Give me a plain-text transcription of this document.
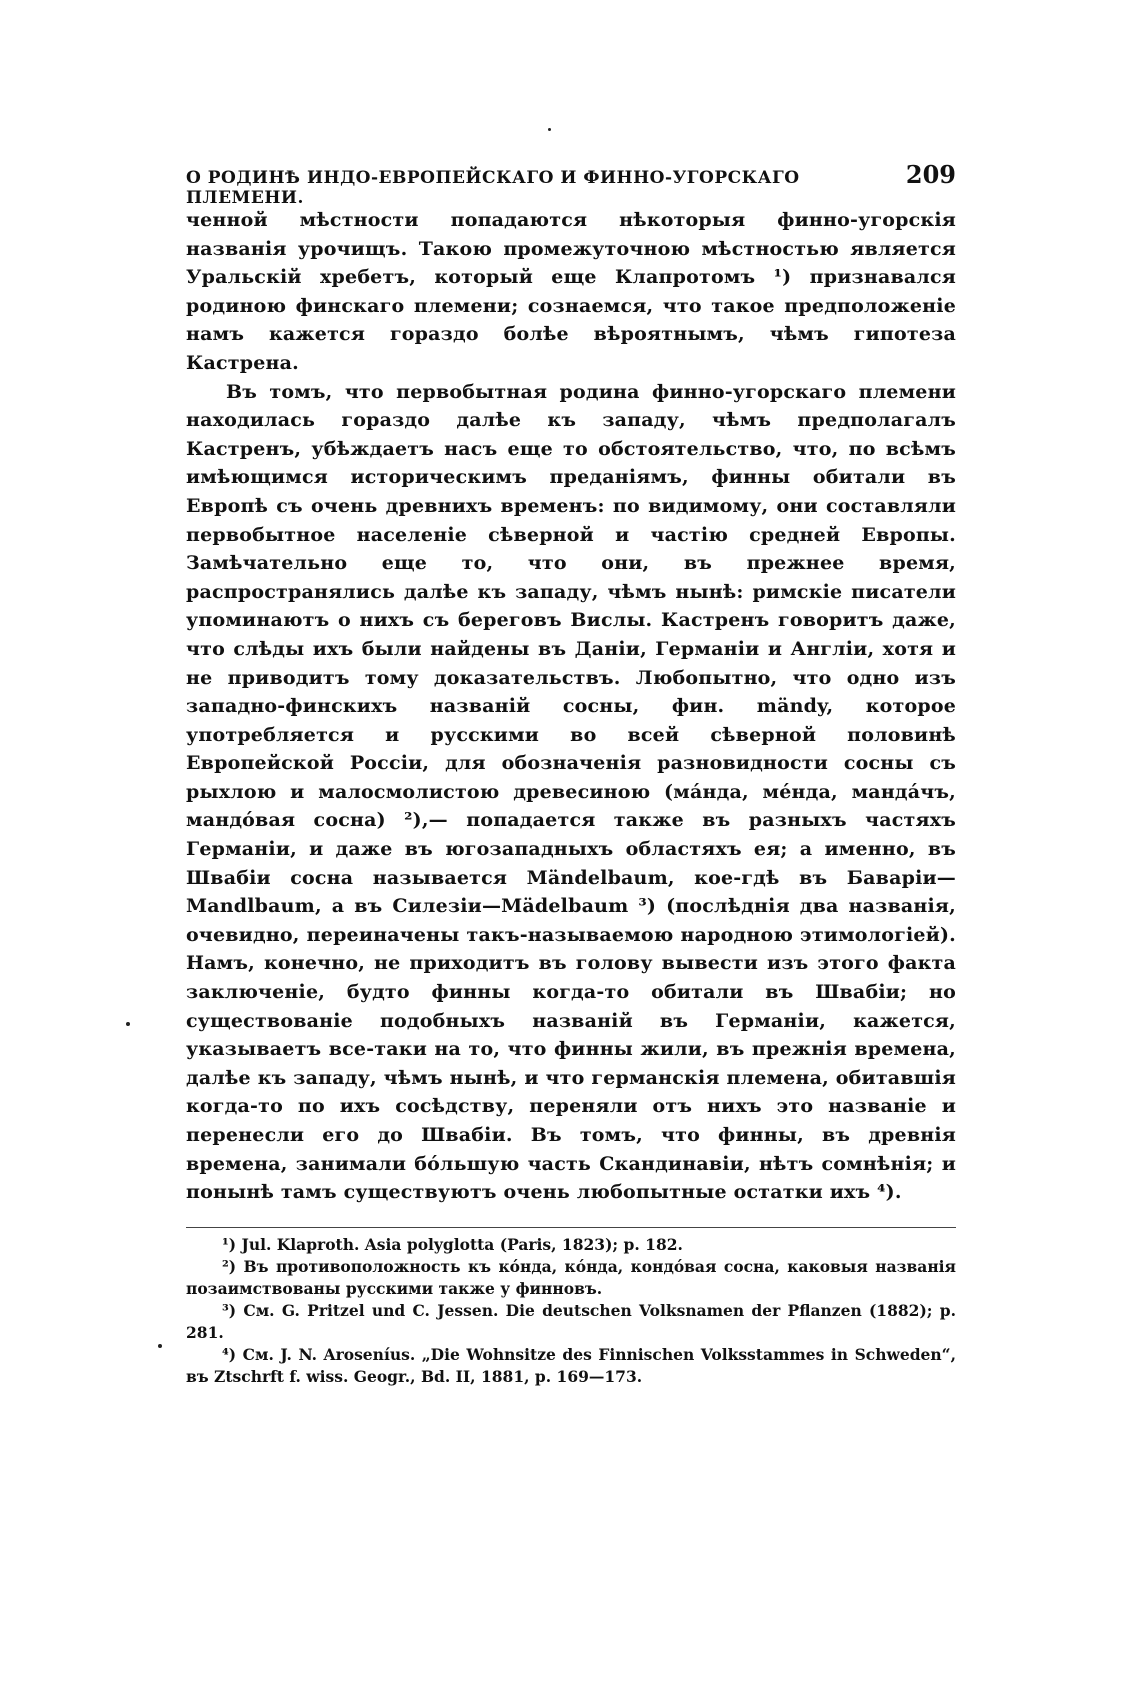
О РОДИНѢ ИНДО-ЕВРОПЕЙСКАГО И ФИННО-УГОРСКАГО ПЛЕМЕНИ.
209

ченной мѣстности попадаются нѣкоторыя финно-угорскія названія урочищъ. Такою промежуточною мѣстностью является Уральскій хребетъ, который еще Клапротомъ ¹) признавался родиною финскаго племени; сознаемся, что такое предположеніе намъ кажется гораздо болѣе вѣроятнымъ, чѣмъ гипотеза Кастрена.

Въ томъ, что первобытная родина финно-угорскаго племени находилась гораздо далѣе къ западу, чѣмъ предполагалъ Кастренъ, убѣждаетъ насъ еще то обстоятельство, что, по всѣмъ имѣющимся историческимъ преданіямъ, финны обитали въ Европѣ съ очень древнихъ временъ: по видимому, они составляли первобытное населеніе сѣверной и частію средней Европы. Замѣчательно еще то, что они, въ прежнее время, распространялись далѣе къ западу, чѣмъ нынѣ: римскіе писатели упоминаютъ о нихъ съ береговъ Вислы. Кастренъ говоритъ даже, что слѣды ихъ были найдены въ Даніи, Германіи и Англіи, хотя и не приводитъ тому доказательствъ. Любопытно, что одно изъ западно-финскихъ названій сосны, фин. mändy, которое употребляется и русскими во всей сѣверной половинѣ Европейской Россіи, для обозначенія разновидности сосны съ рыхлою и малосмолистою древесиною (мáнда, мéнда, мандáчъ, мандóвая сосна) ²),— попадается также въ разныхъ частяхъ Германіи, и даже въ югозападныхъ областяхъ ея; а именно, въ Швабіи сосна называется Mändelbaum, кое-гдѣ въ Баваріи—Mandlbaum, а въ Силезіи—Mädelbaum ³) (послѣднія два названія, очевидно, переиначены такъ-называемою народною этимологіей). Намъ, конечно, не приходитъ въ голову вывести изъ этого факта заключеніе, будто финны когда-то обитали въ Швабіи; но существованіе подобныхъ названій въ Германіи, кажется, указываетъ все-таки на то, что финны жили, въ прежнія времена, далѣе къ западу, чѣмъ нынѣ, и что германскія племена, обитавшія когда-то по ихъ сосѣдству, переняли отъ нихъ это названіе и перенесли его до Швабіи. Въ томъ, что финны, въ древнія времена, занимали бóльшую часть Скандинавіи, нѣтъ сомнѣнія; и понынѣ тамъ существуютъ очень любопытные остатки ихъ ⁴).

¹) Jul. Klaproth. Asia polyglotta (Paris, 1823); p. 182.
²) Въ противоположность къ кóнда, кóнда, кондóвая сосна, каковыя названія позаимствованы русскими также у финновъ.
³) См. G. Pritzel und C. Jessen. Die deutschen Volksnamen der Pflanzen (1882); p. 281.
⁴) См. J. N. Aroseníus. „Die Wohnsitze des Finnischen Volksstammes in Schweden“, въ Ztschrft f. wiss. Geogr., Bd. II, 1881, p. 169—173.
